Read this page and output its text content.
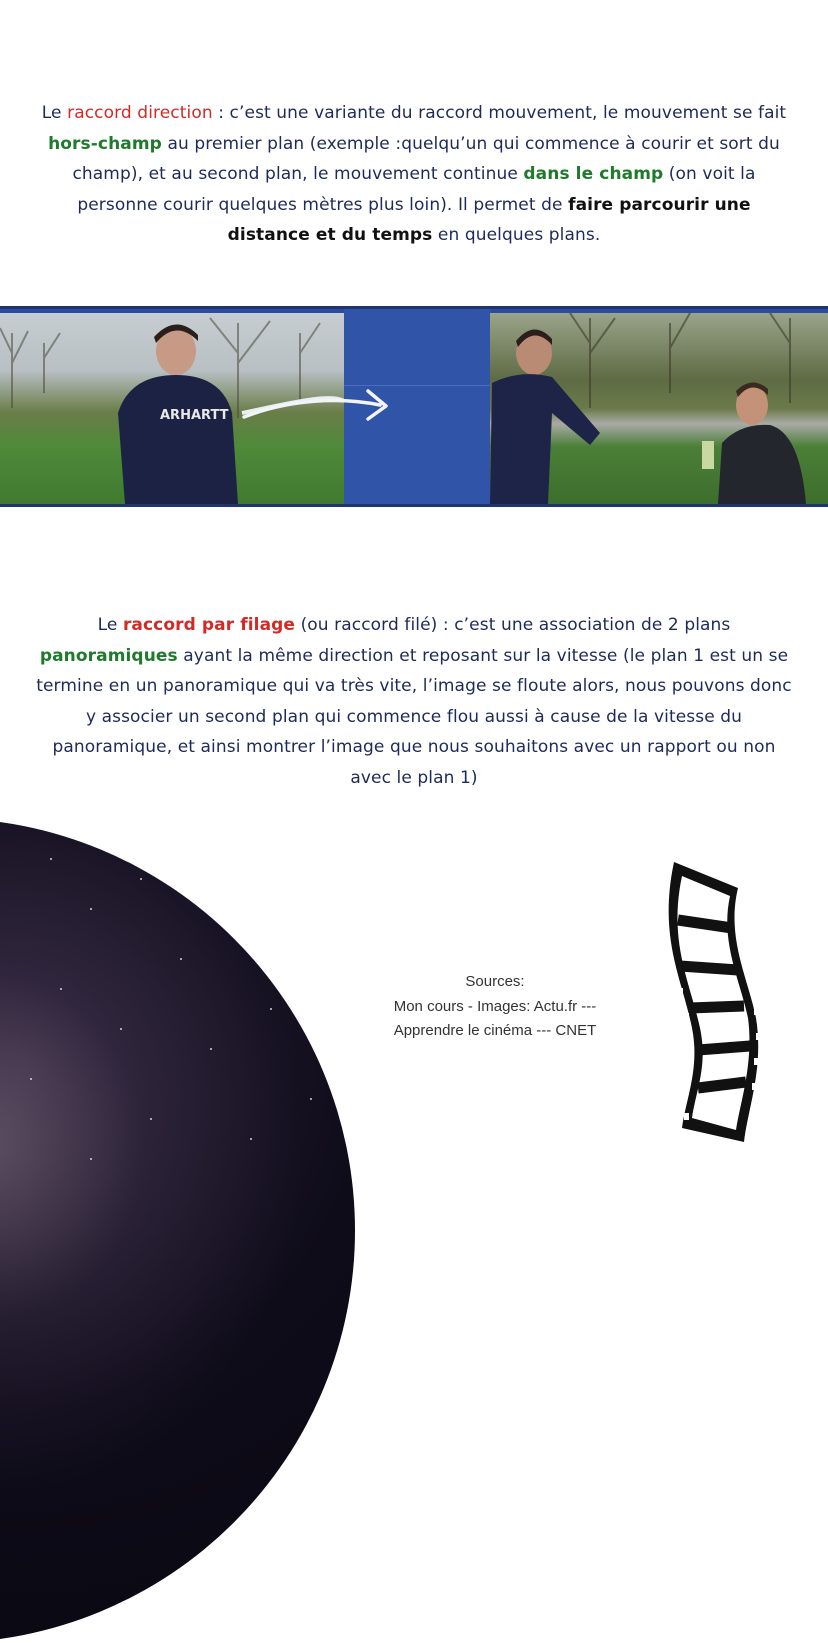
Le raccord direction : c’est une variante du raccord mouvement, le mouvement se fait hors-champ au premier plan (exemple :quelqu’un qui commence à courir et sort du champ), et au second plan, le mouvement continue dans le champ (on voit la personne courir quelques mètres plus loin). Il permet de faire parcourir une distance et du temps en quelques plans.

ARHARTT

Le raccord par filage (ou raccord filé) : c’est une association de 2 plans panoramiques ayant la même direction et reposant sur la vitesse (le plan 1 est un se termine en un panoramique qui va très vite, l’image se floute alors, nous pouvons donc y associer un second plan qui commence flou aussi à cause de la vitesse du panoramique, et ainsi montrer l’image que nous souhaitons avec un rapport ou non avec le plan 1)

Sources:
Mon cours - Images: Actu.fr ---
Apprendre le cinéma --- CNET
